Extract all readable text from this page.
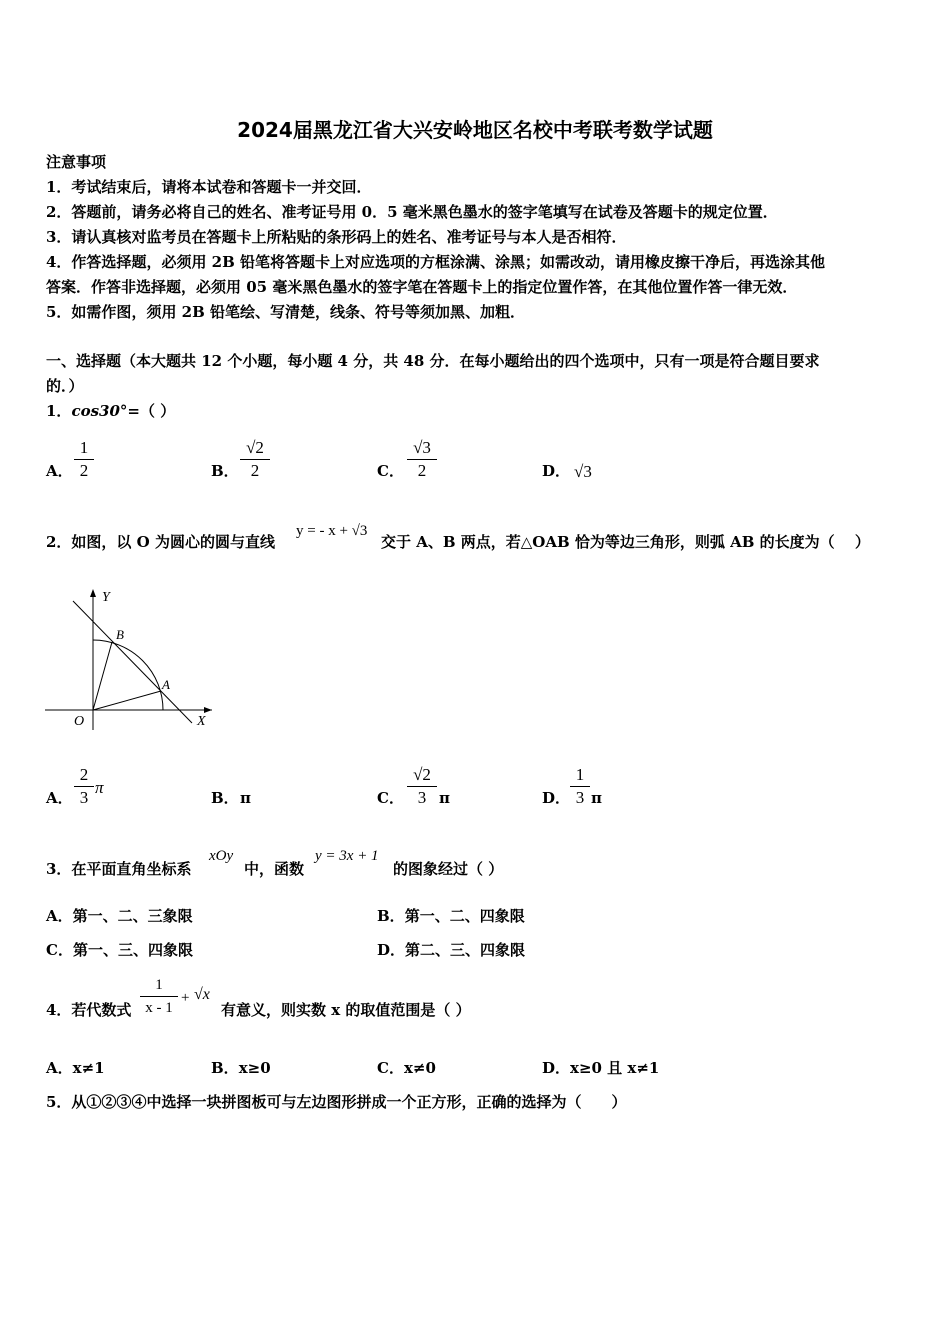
2024届黑龙江省大兴安岭地区名校中考联考数学试题
注意事项
1．考试结束后，请将本试卷和答题卡一并交回．
2．答题前，请务必将自己的姓名、准考证号用 0．5 毫米黑色墨水的签字笔填写在试卷及答题卡的规定位置．
3．请认真核对监考员在答题卡上所粘贴的条形码上的姓名、准考证号与本人是否相符．
4．作答选择题，必须用 2B 铅笔将答题卡上对应选项的方框涂满、涂黑；如需改动，请用橡皮擦干净后，再选涂其他
答案．作答非选择题，必须用 05 毫米黑色墨水的签字笔在答题卡上的指定位置作答，在其他位置作答一律无效．
5．如需作图，须用 2B 铅笔绘、写清楚，线条、符号等须加黑、加粗．
一、选择题（本大题共 12 个小题，每小题 4 分，共 48 分．在每小题给出的四个选项中，只有一项是符合题目要求
的．）
1．cos30°=（ ）
A．
1
2	B．
√2
2	C．
√3
2	D． √3
2．如图，以 O 为圆心的圆与直线
y = - x + √3
交于 A、B 两点，若△OAB 恰为等边三角形，则弧 AB 的长度为（　 ）
Y
X
O
A
B
A．
2
3
π
B． π	C．
√2
3 π	D．
1
3 π
3．在平面直角坐标系
xOy
中，函数
y = 3x + 1
的图象经过（ ）
A．第一、二、三象限	B．第一、二、四象限
C．第一、三、四象限	D．第二、三、四象限
4．若代数式
1
x - 1
+ √x
有意义，则实数 x 的取值范围是（ ）
A．x≠1	B．x≥0	C．x≠0	D．x≥0 且 x≠1
5．从①②③④中选择一块拼图板可与左边图形拼成一个正方形，正确的选择为（　　）
